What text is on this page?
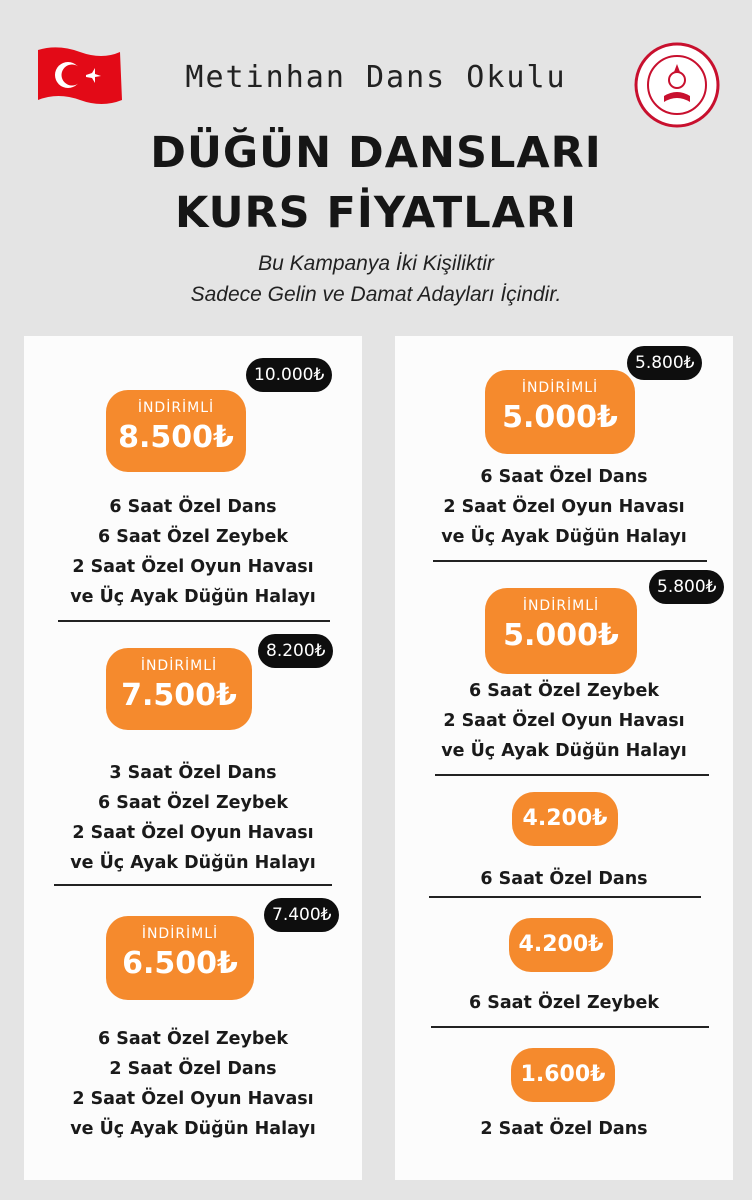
Metinhan Dans Okulu
DÜĞÜN DANSLARI
KURS FİYATLARI
Bu Kampanya İki Kişiliktir
Sadece Gelin ve Damat Adayları İçindir.
10.000₺
İNDİRİMLİ
8.500₺
6 Saat Özel Dans
6 Saat Özel Zeybek
2 Saat Özel Oyun Havası
ve Üç Ayak Düğün Halayı
8.200₺
İNDİRİMLİ
7.500₺
3 Saat Özel Dans
6 Saat Özel Zeybek
2 Saat Özel Oyun Havası
ve Üç Ayak Düğün Halayı
7.400₺
İNDİRİMLİ
6.500₺
6 Saat Özel Zeybek
2 Saat Özel Dans
2 Saat Özel Oyun Havası
ve Üç Ayak Düğün Halayı
5.800₺
İNDİRİMLİ
5.000₺
6 Saat Özel Dans
2 Saat Özel Oyun Havası
ve Üç Ayak Düğün Halayı
5.800₺
İNDİRİMLİ
5.000₺
6 Saat Özel Zeybek
2 Saat Özel Oyun Havası
ve Üç Ayak Düğün Halayı
4.200₺
6 Saat Özel Dans
4.200₺
6 Saat Özel Zeybek
1.600₺
2 Saat Özel Dans
